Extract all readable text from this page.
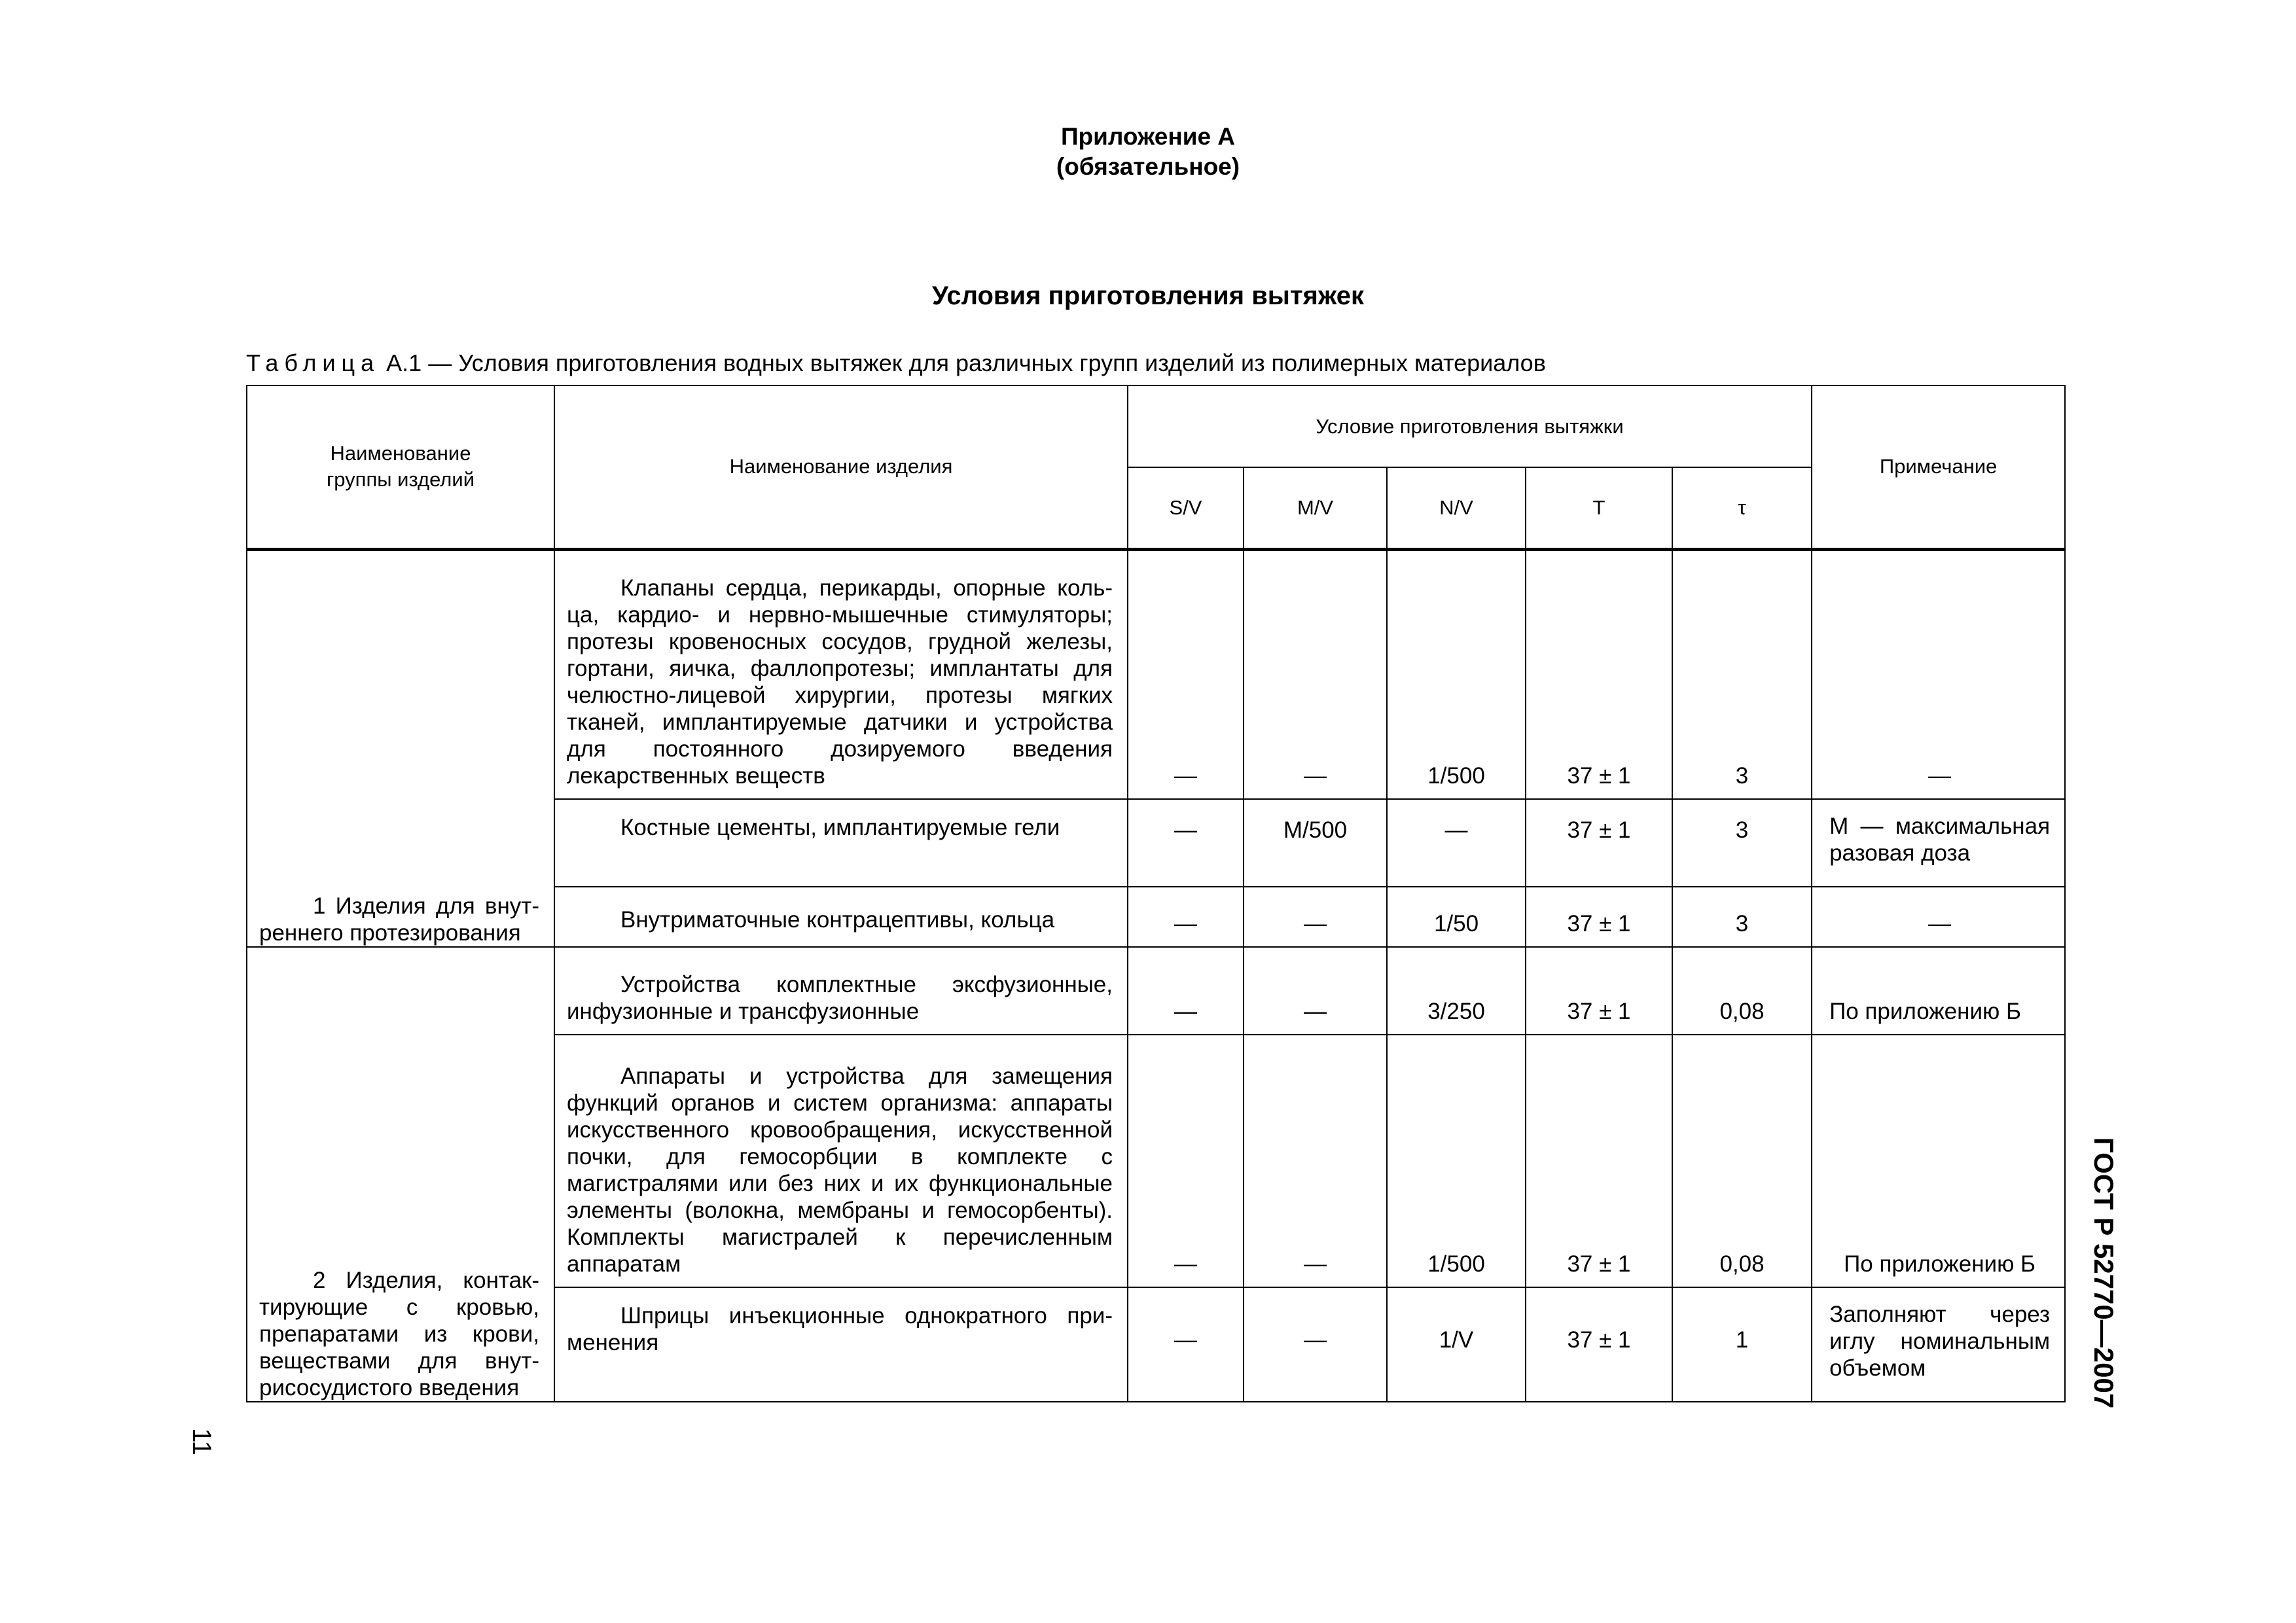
Приложение А
(обязательное)
Условия приготовления вытяжек
Таблица А.1 — Условия приготовления водных вытяжек для различных групп изделий из полимерных материалов
Наименование группы изделий	Наименование изделия	Условие приготовления вытяжки					Примечание
		S/V	M/V	N/V	T	τ	

1 Изделия для внутреннего протезирования	Клапаны сердца, перикарды, опорные кольца, кардио- и нервно-мышечные стимуляторы; протезы кровеносных сосудов, грудной железы, гортани, яичка, фаллопротезы; имплантаты для челюстно-лицевой хирургии, протезы мягких тканей, имплантируемые датчики и устройства для постоянного дозируемого введения лекарственных веществ	—	—	1/500	37 ± 1	3	—

	Костные цементы, имплантируемые гели	—	М/500	—	37 ± 1	3	М — максимальная разовая доза

	Внутриматочные контрацептивы, кольца	—	—	1/50	37 ± 1	3	—

2 Изделия, контактирующие с кровью, препаратами из крови, веществами для внутрисосудистого введения	Устройства комплектные эксфузионные, инфузионные и трансфузионные	—	—	3/250	37 ± 1	0,08	По приложению Б

	Аппараты и устройства для замещения функций органов и систем организма: аппараты искусственного кровообращения, искусственной почки, для гемосорбции в комплекте с магистралями или без них и их функциональные элементы (волокна, мембраны и гемосорбенты). Комплекты магистралей к перечисленным аппаратам	—	—	1/500	37 ± 1	0,08	По приложению Б

	Шприцы инъекционные однократного применения	—	—	1/V	37 ± 1	1	Заполняют через иглу номинальным объемом	ГОСТ Р 52770—2007
11
